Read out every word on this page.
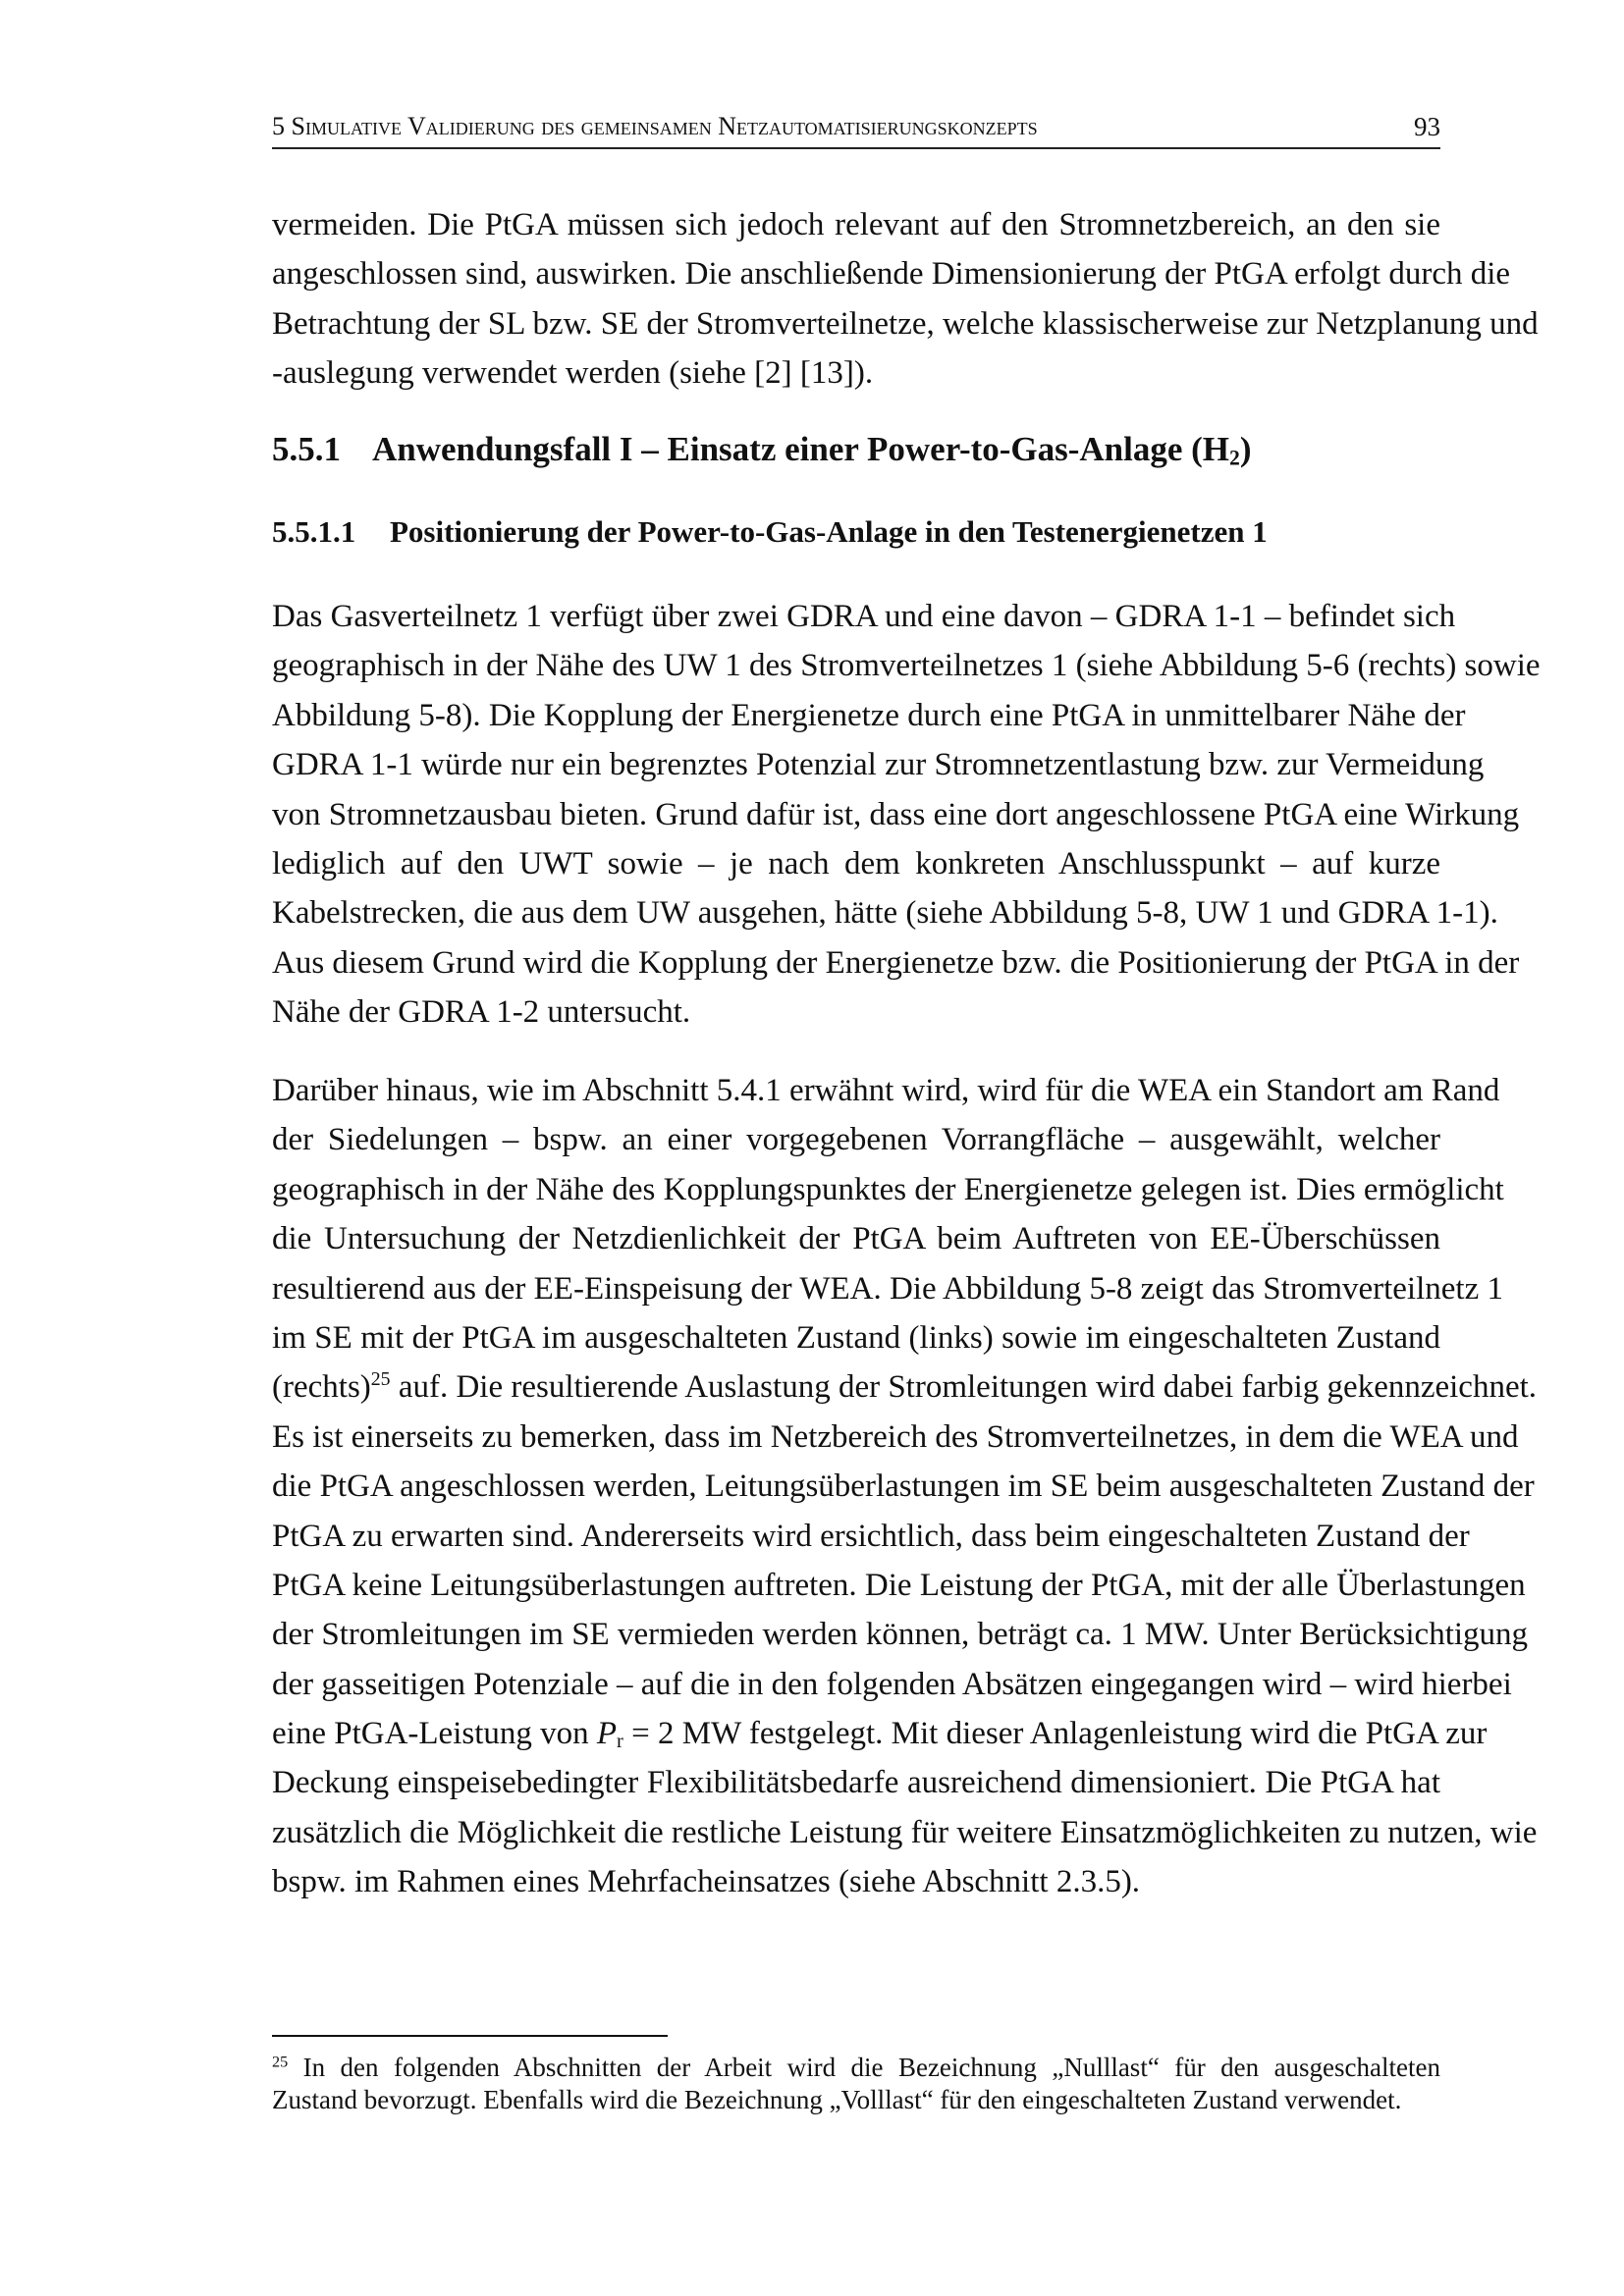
5 Simulative Validierung des gemeinsamen Netzautomatisierungskonzepts	93
vermeiden. Die PtGA müssen sich jedoch relevant auf den Stromnetzbereich, an den sie
angeschlossen sind, auswirken. Die anschließende Dimensionierung der PtGA erfolgt durch die
Betrachtung der SL bzw. SE der Stromverteilnetze, welche klassischerweise zur Netzplanung und
-auslegung verwendet werden (siehe [2] [13]).
5.5.1 Anwendungsfall I – Einsatz einer Power-to-Gas-Anlage $(H_2)$
5.5.1.1 Positionierung der Power-to-Gas-Anlage in den Testenergienetzen 1
Das Gasverteilnetz 1 verfügt über zwei GDRA und eine davon – GDRA 1-1 – befindet sich
geographisch in der Nähe des UW 1 des Stromverteilnetzes 1 (siehe Abbildung 5-6 (rechts) sowie
Abbildung 5-8). Die Kopplung der Energienetze durch eine PtGA in unmittelbarer Nähe der
GDRA 1-1 würde nur ein begrenztes Potenzial zur Stromnetzentlastung bzw. zur Vermeidung
von Stromnetzausbau bieten. Grund dafür ist, dass eine dort angeschlossene PtGA eine Wirkung
lediglich auf den UWT sowie – je nach dem konkreten Anschlusspunkt – auf kurze
Kabelstrecken, die aus dem UW ausgehen, hätte (siehe Abbildung 5-8, UW 1 und GDRA 1-1).
Aus diesem Grund wird die Kopplung der Energienetze bzw. die Positionierung der PtGA in der
Nähe der GDRA 1-2 untersucht.
Darüber hinaus, wie im Abschnitt 5.4.1 erwähnt wird, wird für die WEA ein Standort am Rand
der Siedelungen – bspw. an einer vorgegebenen Vorrangfläche – ausgewählt, welcher
geographisch in der Nähe des Kopplungspunktes der Energienetze gelegen ist. Dies ermöglicht
die Untersuchung der Netzdienlichkeit der PtGA beim Auftreten von EE-Überschüssen
resultierend aus der EE-Einspeisung der WEA. Die Abbildung 5-8 zeigt das Stromverteilnetz 1
im SE mit der PtGA im ausgeschalteten Zustand (links) sowie im eingeschalteten Zustand
(rechts)$^{25}$ auf. Die resultierende Auslastung der Stromleitungen wird dabei farbig gekennzeichnet.
Es ist einerseits zu bemerken, dass im Netzbereich des Stromverteilnetzes, in dem die WEA und
die PtGA angeschlossen werden, Leitungsüberlastungen im SE beim ausgeschalteten Zustand der
PtGA zu erwarten sind. Andererseits wird ersichtlich, dass beim eingeschalteten Zustand der
PtGA keine Leitungsüberlastungen auftreten. Die Leistung der PtGA, mit der alle Überlastungen
der Stromleitungen im SE vermieden werden können, beträgt ca. 1 MW. Unter Berücksichtigung
der gasseitigen Potenziale – auf die in den folgenden Absätzen eingegangen wird – wird hierbei
eine PtGA-Leistung von $P_r = 2$ MW festgelegt. Mit dieser Anlagenleistung wird die PtGA zur
Deckung einspeisebedingter Flexibilitätsbedarfe ausreichend dimensioniert. Die PtGA hat
zusätzlich die Möglichkeit die restliche Leistung für weitere Einsatzmöglichkeiten zu nutzen, wie
bspw. im Rahmen eines Mehrfacheinsatzes (siehe Abschnitt 2.3.5).
$^{25}$ In den folgenden Abschnitten der Arbeit wird die Bezeichnung „Nulllast“ für den ausgeschalteten
Zustand bevorzugt. Ebenfalls wird die Bezeichnung „Volllast“ für den eingeschalteten Zustand verwendet.
